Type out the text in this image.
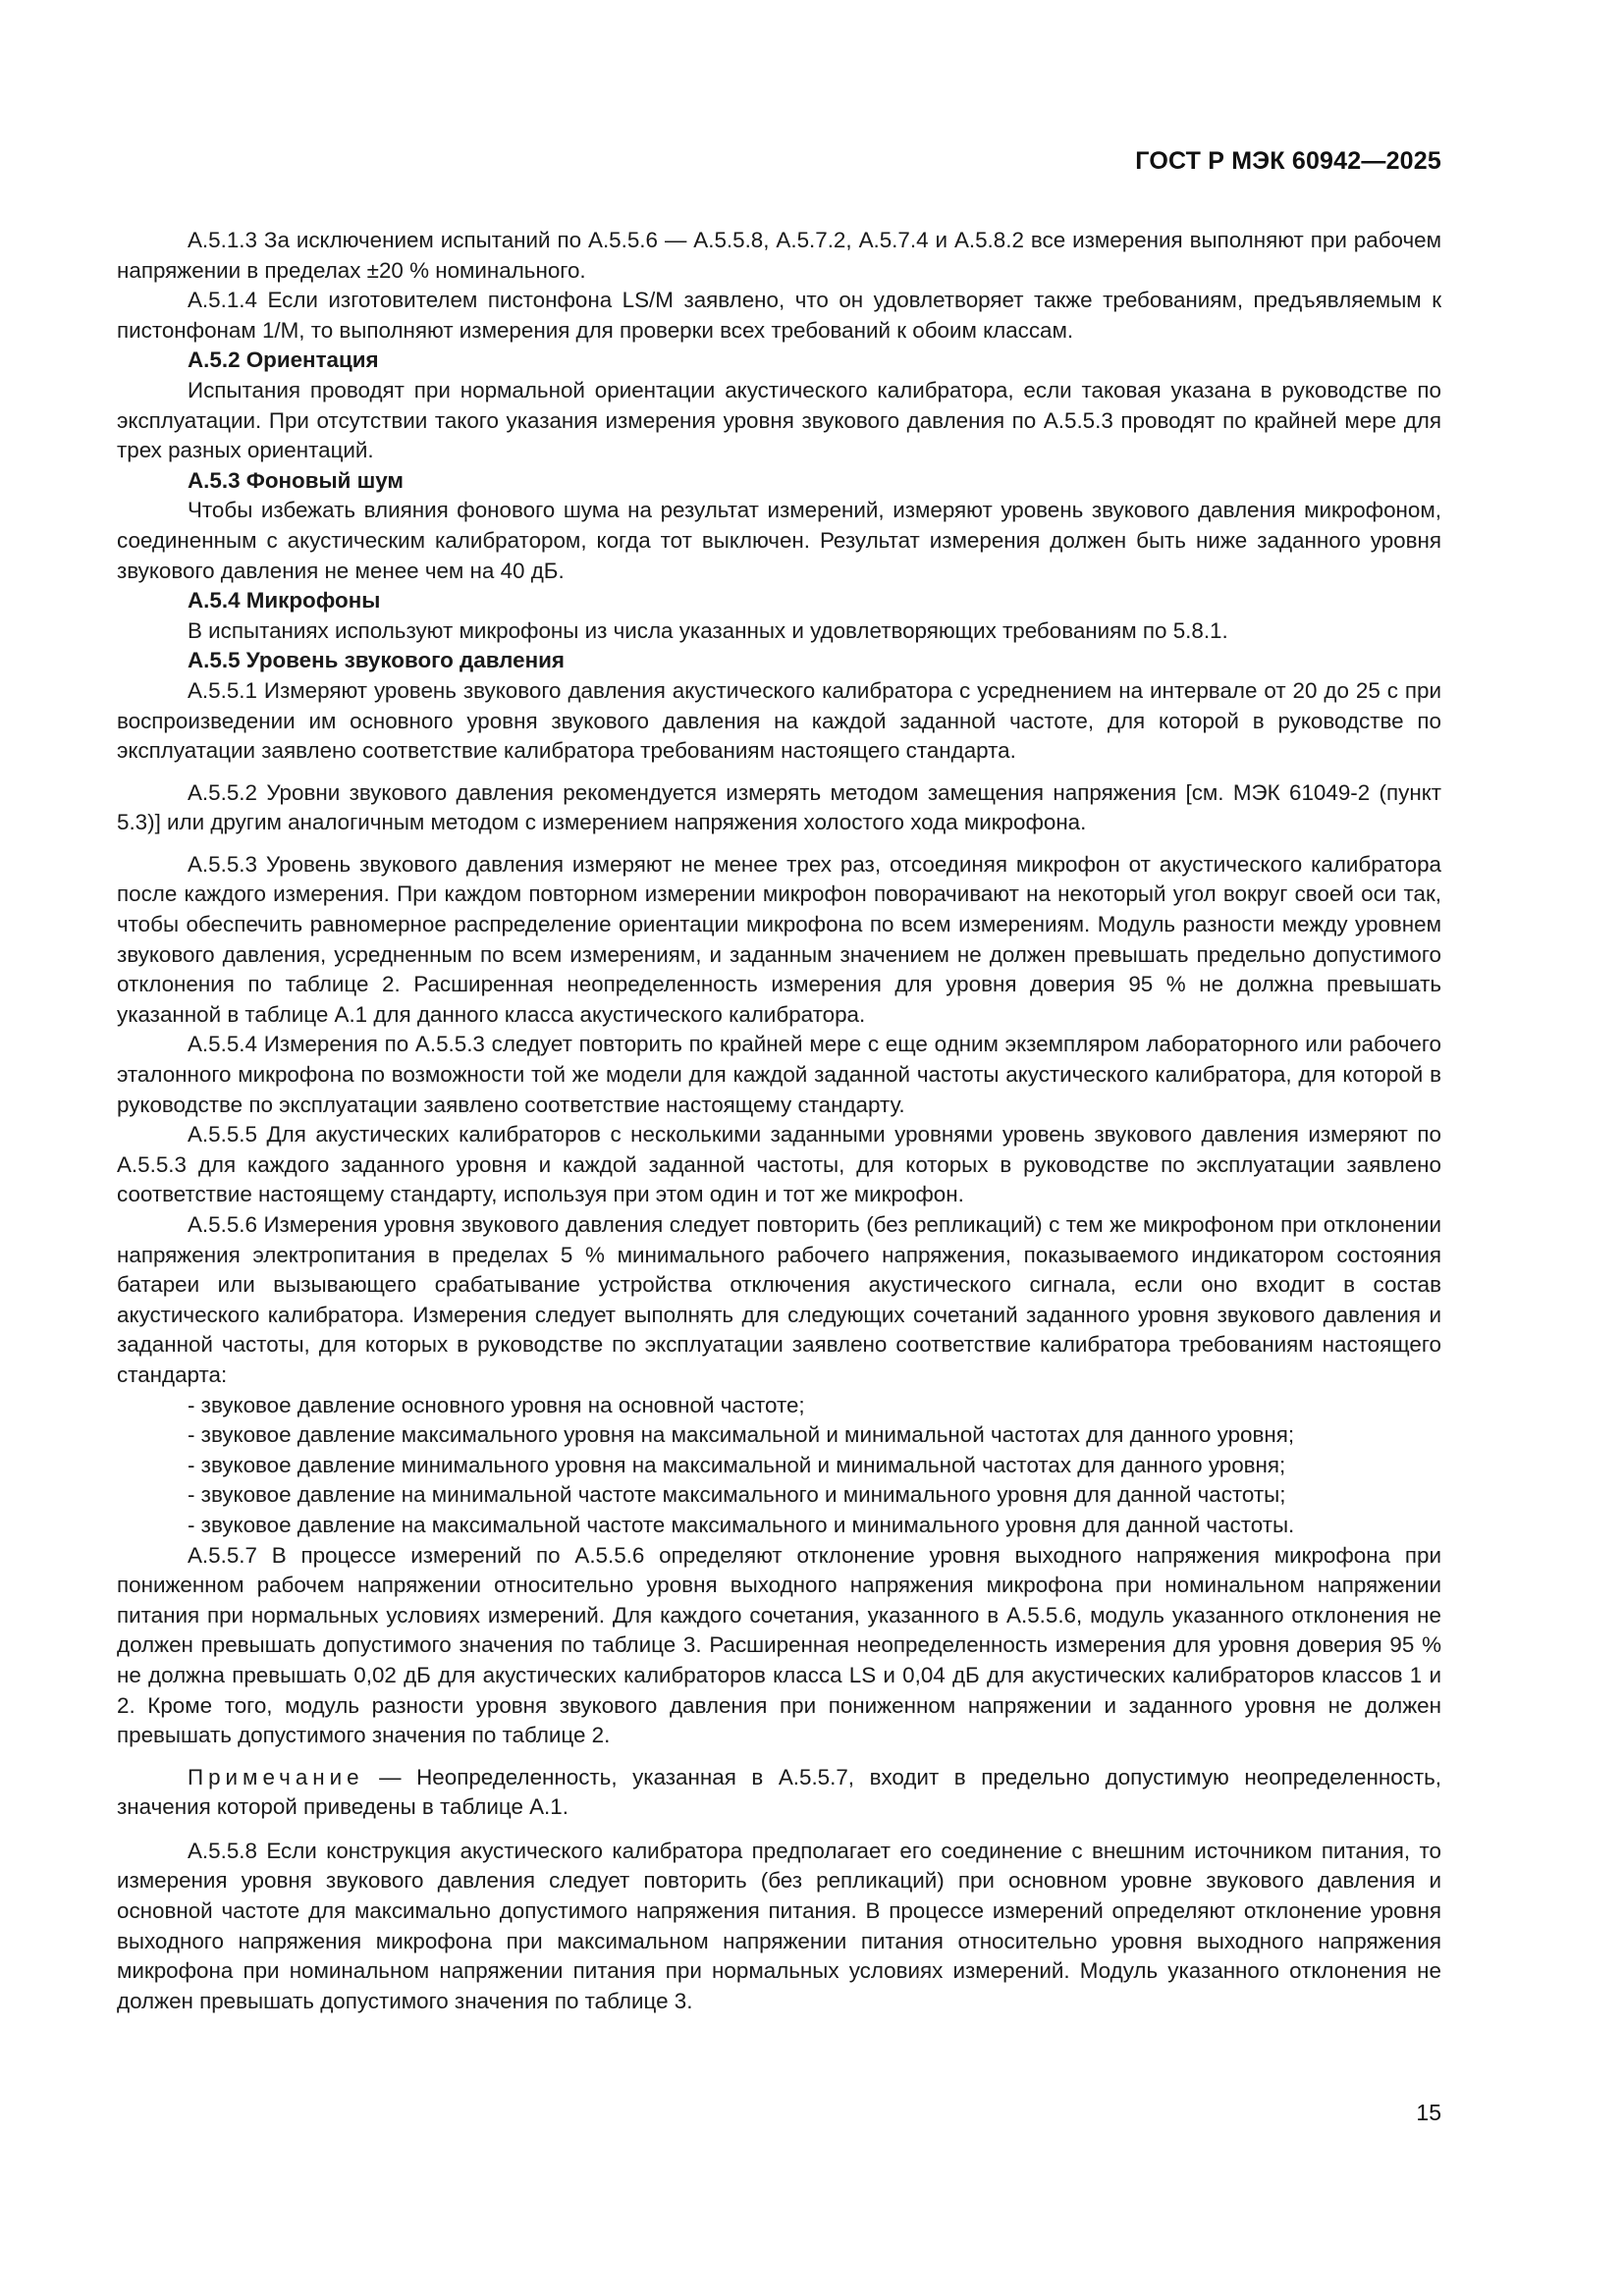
ГОСТ Р МЭК 60942—2025

А.5.1.3 За исключением испытаний по А.5.5.6 — А.5.5.8, А.5.7.2, А.5.7.4 и А.5.8.2 все измерения выполняют при рабочем напряжении в пределах ±20 % номинального.

А.5.1.4 Если изготовителем пистонфона LS/M заявлено, что он удовлетворяет также требованиям, предъявляемым к пистонфонам 1/M, то выполняют измерения для проверки всех требований к обоим классам.

А.5.2 Ориентация

Испытания проводят при нормальной ориентации акустического калибратора, если таковая указана в руководстве по эксплуатации. При отсутствии такого указания измерения уровня звукового давления по А.5.5.3 проводят по крайней мере для трех разных ориентаций.

А.5.3 Фоновый шум

Чтобы избежать влияния фонового шума на результат измерений, измеряют уровень звукового давления микрофоном, соединенным с акустическим калибратором, когда тот выключен. Результат измерения должен быть ниже заданного уровня звукового давления не менее чем на 40 дБ.

А.5.4 Микрофоны

В испытаниях используют микрофоны из числа указанных и удовлетворяющих требованиям по 5.8.1.

А.5.5 Уровень звукового давления

А.5.5.1 Измеряют уровень звукового давления акустического калибратора с усреднением на интервале от 20 до 25 с при воспроизведении им основного уровня звукового давления на каждой заданной частоте, для которой в руководстве по эксплуатации заявлено соответствие калибратора требованиям настоящего стандарта.

А.5.5.2 Уровни звукового давления рекомендуется измерять методом замещения напряжения [см. МЭК 61049-2 (пункт 5.3)] или другим аналогичным методом с измерением напряжения холостого хода микрофона.

А.5.5.3 Уровень звукового давления измеряют не менее трех раз, отсоединяя микрофон от акустического калибратора после каждого измерения. При каждом повторном измерении микрофон поворачивают на некоторый угол вокруг своей оси так, чтобы обеспечить равномерное распределение ориентации микрофона по всем измерениям. Модуль разности между уровнем звукового давления, усредненным по всем измерениям, и заданным значением не должен превышать предельно допустимого отклонения по таблице 2. Расширенная неопределенность измерения для уровня доверия 95 % не должна превышать указанной в таблице А.1 для данного класса акустического калибратора.

А.5.5.4 Измерения по А.5.5.3 следует повторить по крайней мере с еще одним экземпляром лабораторного или рабочего эталонного микрофона по возможности той же модели для каждой заданной частоты акустического калибратора, для которой в руководстве по эксплуатации заявлено соответствие настоящему стандарту.

А.5.5.5 Для акустических калибраторов с несколькими заданными уровнями уровень звукового давления измеряют по А.5.5.3 для каждого заданного уровня и каждой заданной частоты, для которых в руководстве по эксплуатации заявлено соответствие настоящему стандарту, используя при этом один и тот же микрофон.

А.5.5.6 Измерения уровня звукового давления следует повторить (без репликаций) с тем же микрофоном при отклонении напряжения электропитания в пределах 5 % минимального рабочего напряжения, показываемого индикатором состояния батареи или вызывающего срабатывание устройства отключения акустического сигнала, если оно входит в состав акустического калибратора. Измерения следует выполнять для следующих сочетаний заданного уровня звукового давления и заданной частоты, для которых в руководстве по эксплуатации заявлено соответствие калибратора требованиям настоящего стандарта:

- звуковое давление основного уровня на основной частоте;
- звуковое давление максимального уровня на максимальной и минимальной частотах для данного уровня;
- звуковое давление минимального уровня на максимальной и минимальной частотах для данного уровня;
- звуковое давление на минимальной частоте максимального и минимального уровня для данной частоты;
- звуковое давление на максимальной частоте максимального и минимального уровня для данной частоты.

А.5.5.7 В процессе измерений по А.5.5.6 определяют отклонение уровня выходного напряжения микрофона при пониженном рабочем напряжении относительно уровня выходного напряжения микрофона при номинальном напряжении питания при нормальных условиях измерений. Для каждого сочетания, указанного в А.5.5.6, модуль указанного отклонения не должен превышать допустимого значения по таблице 3. Расширенная неопределенность измерения для уровня доверия 95 % не должна превышать 0,02 дБ для акустических калибраторов класса LS и 0,04 дБ для акустических калибраторов классов 1 и 2. Кроме того, модуль разности уровня звукового давления при пониженном напряжении и заданного уровня не должен превышать допустимого значения по таблице 2.

Примечание — Неопределенность, указанная в А.5.5.7, входит в предельно допустимую неопределенность, значения которой приведены в таблице А.1.

А.5.5.8 Если конструкция акустического калибратора предполагает его соединение с внешним источником питания, то измерения уровня звукового давления следует повторить (без репликаций) при основном уровне звукового давления и основной частоте для максимально допустимого напряжения питания. В процессе измерений определяют отклонение уровня выходного напряжения микрофона при максимальном напряжении питания относительно уровня выходного напряжения микрофона при номинальном напряжении питания при нормальных условиях измерений. Модуль указанного отклонения не должен превышать допустимого значения по таблице 3.

15
